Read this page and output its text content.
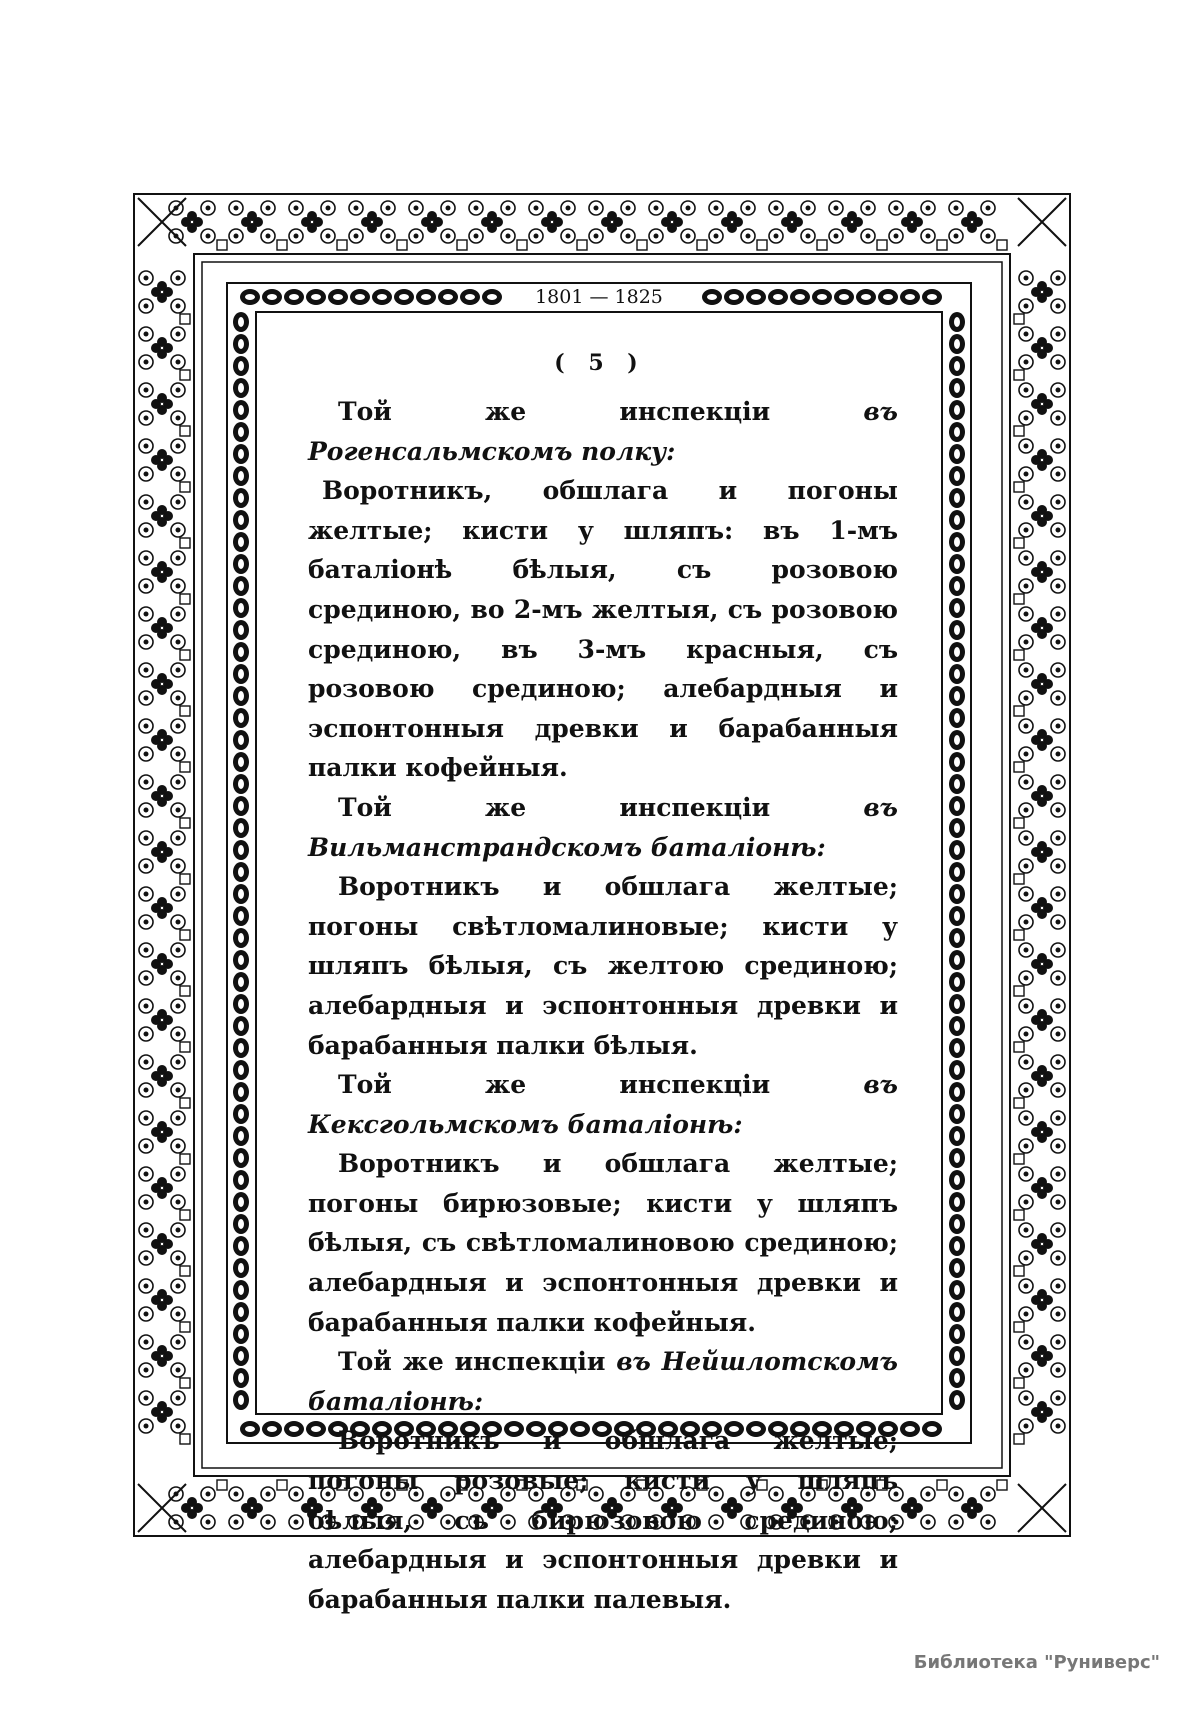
1801 — 1825
( 5 )

Той же инспекціи	въ Рогенсальмскомъ полку:

Воротникъ, обшлага и погоны желтые; кисти у шляпъ: въ 1-мъ баталіонѣ бѣлыя, съ розовою срединою, во 2-мъ желтыя, съ розовою срединою, въ 3-мъ красныя, съ розовою срединою; алебардныя и эспонтонныя древки и барабанныя палки кофейныя.

Той же инспекціи	въ Вильманстрандскомъ баталіонѣ:

Воротникъ и обшлага желтые; погоны свѣтломалиновые; кисти у шляпъ бѣлыя, съ желтою срединою; алебардныя и эспонтонныя древки и барабанныя палки бѣлыя.

Той же инспекціи	въ Кексгольмскомъ баталіонѣ:

Воротникъ и обшлага желтые; погоны бирюзовые; кисти у шляпъ бѣлыя, съ свѣтломалиновою срединою; алебардныя и эспонтонныя древки и барабанныя палки кофейныя.

Той же инспекціи въ Нейшлотскомъ баталіонѣ:

Воротникъ и обшлага желтые; погоны розовые; кисти у шляпъ бѣлыя, съ бирюзовою срединою; алебардныя и эспонтонныя древки и барабанныя палки палевыя.

Библиотека "Руниверс"
